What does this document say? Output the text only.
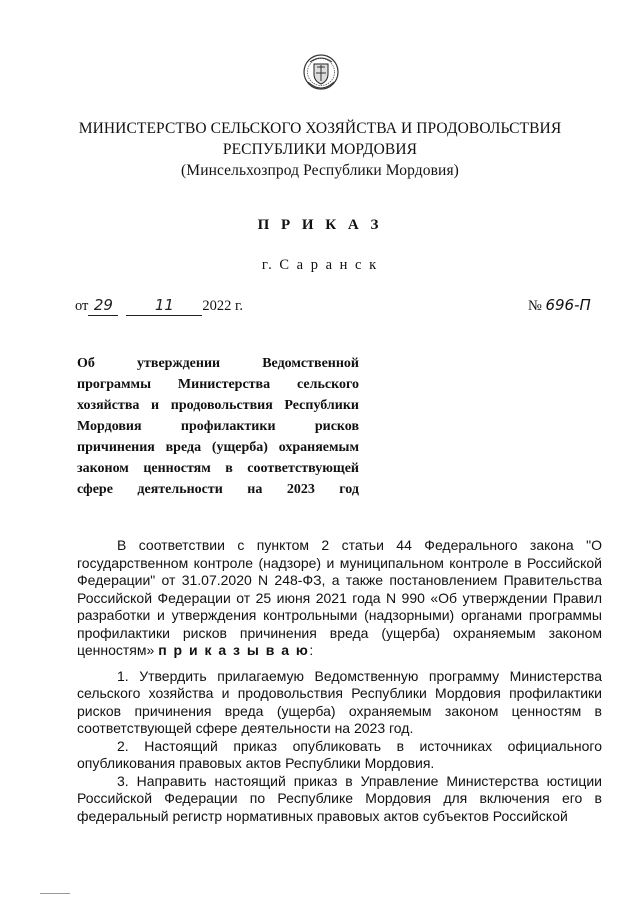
МИНИСТЕРСТВО СЕЛЬСКОГО ХОЗЯЙСТВА И ПРОДОВОЛЬСТВИЯ
РЕСПУБЛИКИ МОРДОВИЯ
(Минсельхозпрод Республики Мордовия)
П Р И К А З
г. С а р а н с к
от 29	11 2022 г.	№ 696-П
Об утверждении Ведомственной программы Министерства сельского хозяйства и продовольствия Республики Мордовия профилактики рисков причинения вреда (ущерба) охраняемым законом ценностям в соответствующей сфере деятельности на 2023 год

В соответствии с пунктом 2 статьи 44 Федерального закона "О государственном контроле (надзоре) и муниципальном контроле в Российской Федерации" от 31.07.2020 N 248-ФЗ, а также постановлением Правительства Российской Федерации от 25 июня 2021 года N 990 «Об утверждении Правил разработки и утверждения контрольными (надзорными) органами программы профилактики рисков причинения вреда (ущерба) охраняемым законом ценностям» п р и к а з ы в а ю:

1. Утвердить прилагаемую Ведомственную программу Министерства сельского хозяйства и продовольствия Республики Мордовия профилактики рисков причинения вреда (ущерба) охраняемым законом ценностям в соответствующей сфере деятельности на 2023 год.

2. Настоящий приказ опубликовать в источниках официального опубликования правовых актов Республики Мордовия.

3. Направить настоящий приказ в Управление Министерства юстиции Российской Федерации по Республике Мордовия для включения его в федеральный регистр нормативных правовых актов субъектов Российской
